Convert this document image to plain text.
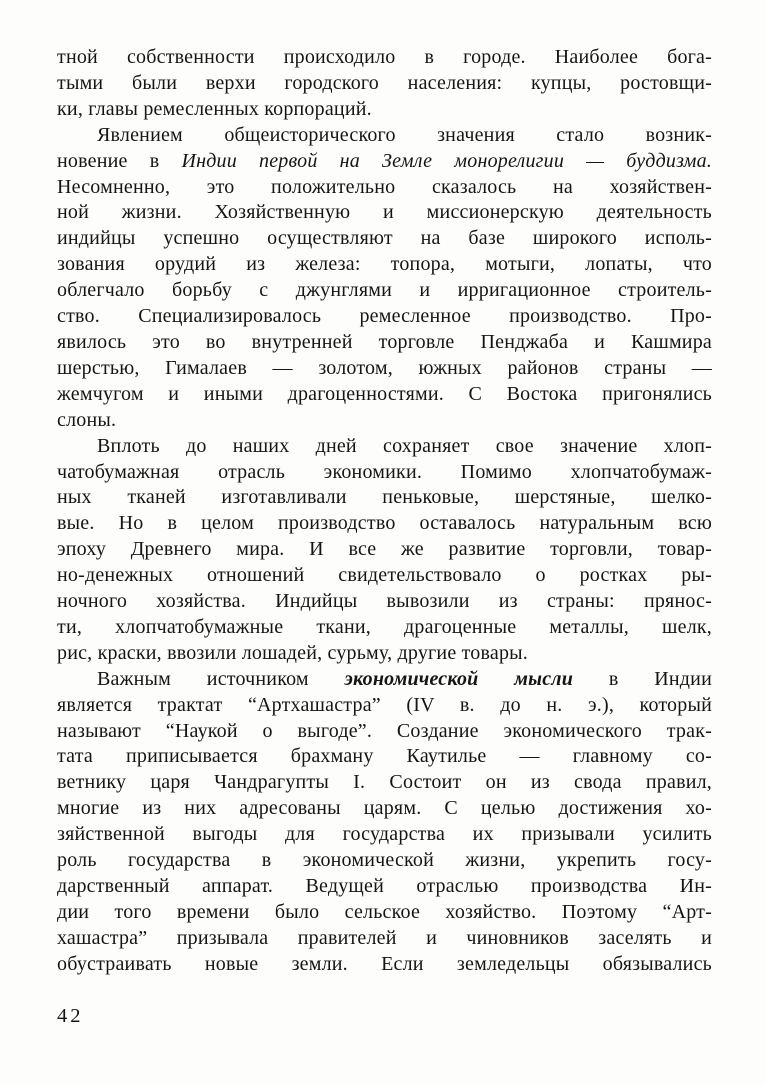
тной собственности происходило в городе. Наиболее бога-
тыми были верхи городского населения: купцы, ростовщи-
ки, главы ремесленных корпораций.
Явлением общеисторического значения стало возник-
новение в Индии первой на Земле монорелигии — буддизма.
Несомненно, это положительно сказалось на хозяйствен-
ной жизни. Хозяйственную и миссионерскую деятельность
индийцы успешно осуществляют на базе широкого исполь-
зования орудий из железа: топора, мотыги, лопаты, что
облегчало борьбу с джунглями и ирригационное строитель-
ство. Специализировалось ремесленное производство. Про-
явилось это во внутренней торговле Пенджаба и Кашмира
шерстью, Гималаев — золотом, южных районов страны —
жемчугом и иными драгоценностями. С Востока пригонялись
слоны.
Вплоть до наших дней сохраняет свое значение хлоп-
чатобумажная отрасль экономики. Помимо хлопчатобумаж-
ных тканей изготавливали пеньковые, шерстяные, шелко-
вые. Но в целом производство оставалось натуральным всю
эпоху Древнего мира. И все же развитие торговли, товар-
но-денежных отношений свидетельствовало о ростках ры-
ночного хозяйства. Индийцы вывозили из страны: прянос-
ти, хлопчатобумажные ткани, драгоценные металлы, шелк,
рис, краски, ввозили лошадей, сурьму, другие товары.
Важным источником экономической мысли в Индии
является трактат “Артхашастра” (IV в. до н. э.), который
называют “Наукой о выгоде”. Создание экономического трак-
тата приписывается брахману Каутилье — главному со-
ветнику царя Чандрагупты I. Состоит он из свода правил,
многие из них адресованы царям. С целью достижения хо-
зяйственной выгоды для государства их призывали усилить
роль государства в экономической жизни, укрепить госу-
дарственный аппарат. Ведущей отраслью производства Ин-
дии того времени было сельское хозяйство. Поэтому “Арт-
хашастра” призывала правителей и чиновников заселять и
обустраивать новые земли. Если земледельцы обязывались
42
